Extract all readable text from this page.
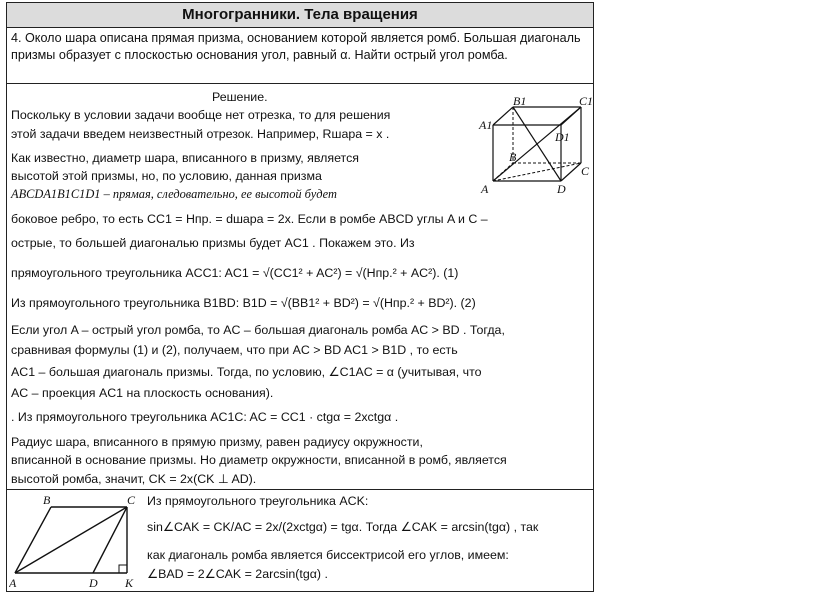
Многогранники. Тела вращения
4. Около шара описана прямая призма, основанием которой является ромб. Большая диагональ призмы образует с плоскостью основания угол, равный α. Найти острый угол ромба.
Решение.
Поскольку в условии задачи вообще нет отрезка, то для решения
этой задачи введем неизвестный отрезок. Например, Rшара = x .
Как известно, диаметр шара, вписанного в призму, является
высотой этой призмы, но, по условию, данная призма
ABCDA1B1C1D1 – прямая, следовательно, ее высотой будет
боковое ребро, то есть CC1 = Hпр. = dшара = 2x. Если в ромбе ABCD углы A и C –
острые, то большей диагональю призмы будет AC1 . Покажем это. Из
прямоугольного треугольника ACC1: AC1 = √(CC1² + AC²) = √(Hпр.² + AC²). (1)
Из прямоугольного треугольника B1BD: B1D = √(BB1² + BD²) = √(Hпр.² + BD²). (2)
Если угол A – острый угол ромба, то AC – большая диагональ ромба AC > BD . Тогда,
сравнивая формулы (1) и (2), получаем, что при AC > BD AC1 > B1D , то есть
AC1 – большая диагональ призмы. Тогда, по условию, ∠C1AC = α (учитывая, что
AC – проекция AC1 на плоскость основания).
. Из прямоугольного треугольника AC1C: AC = CC1 · ctgα = 2xctgα .
Радиус шара, вписанного в прямую призму, равен радиусу окружности,
вписанной в основание призмы. Но диаметр окружности, вписанной в ромб, является
высотой ромба, значит, CK = 2x(CK ⊥ AD).
Из прямоугольного треугольника ACK:
sin∠CAK = CK/AC = 2x/(2xctgα) = tgα. Тогда ∠CAK = arcsin(tgα) , так
как диагональ ромба является биссектрисой его углов, имеем:
∠BAD = 2∠CAK = 2arcsin(tgα) .
B1	C1
A1
D1
B
C
A	D
B	C
A	D K
